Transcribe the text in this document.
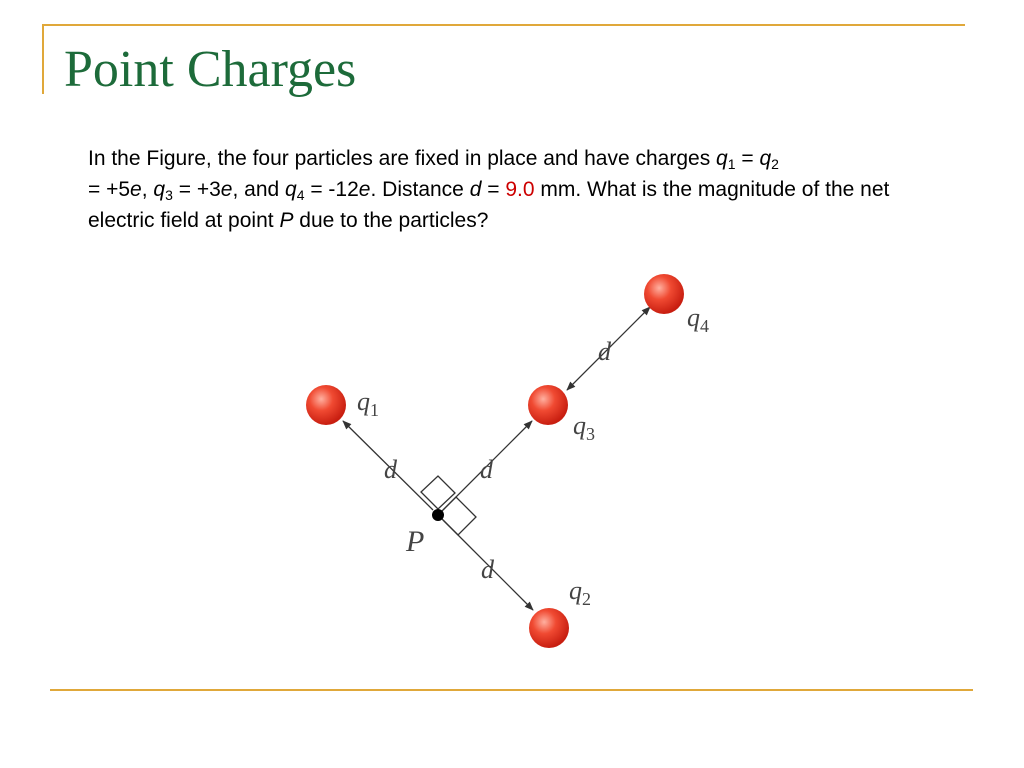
Point Charges
In the Figure, the four particles are fixed in place and have charges $q_1 = q_2$
= +5e, $q_3 = +3e$, and $q_4 = -12e$. Distance d = 9.0 mm. What is the magnitude of the net electric field at point P due to the particles?
d	d
d
d
P
$q_1$
$q_3$
$q_4$
$q_2$
